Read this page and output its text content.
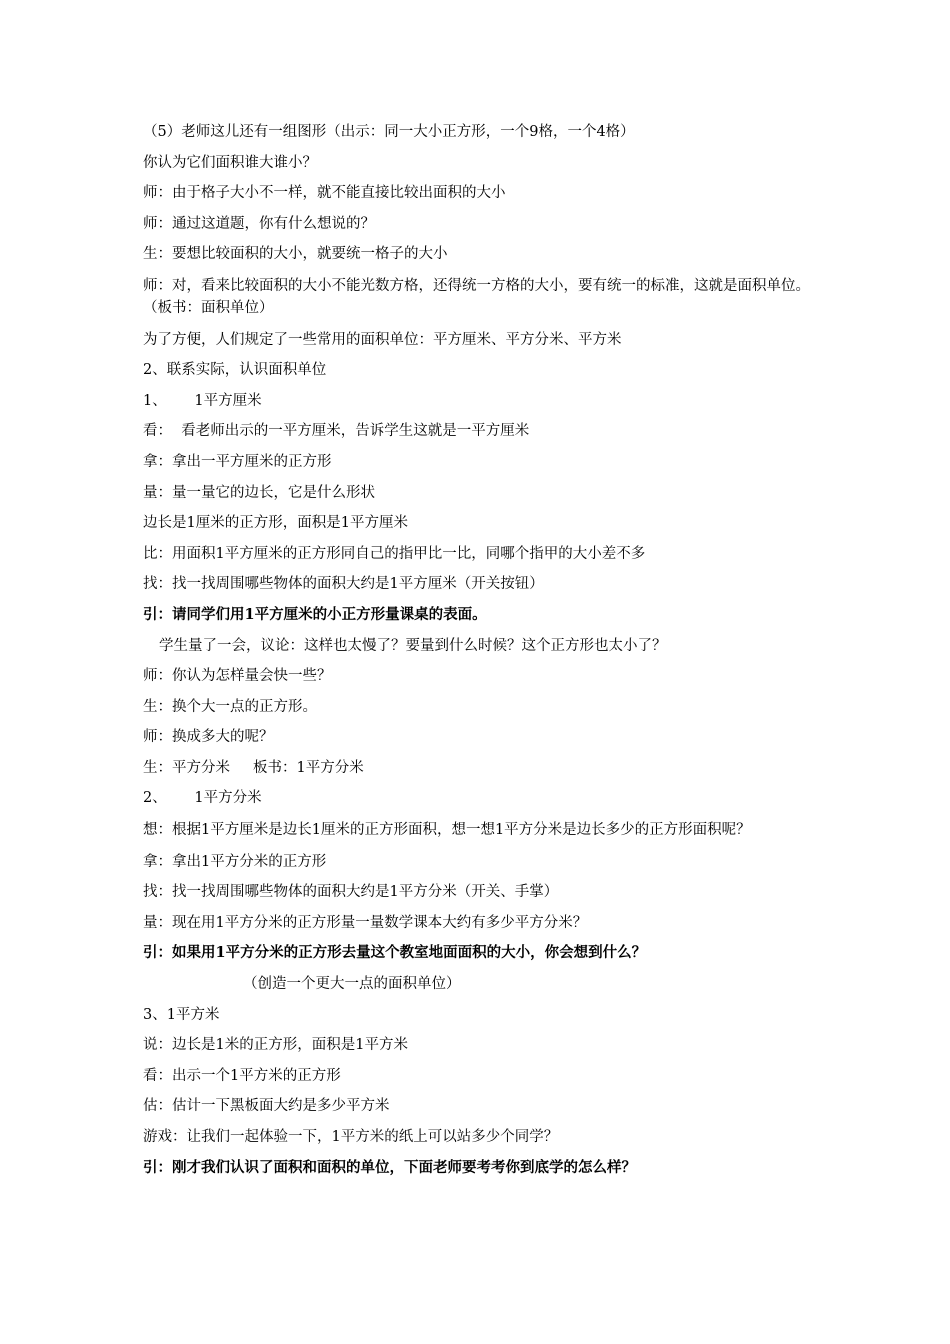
（5）老师这儿还有一组图形（出示：同一大小正方形，一个9格，一个4格）
你认为它们面积谁大谁小？
师：由于格子大小不一样，就不能直接比较出面积的大小
师：通过这道题，你有什么想说的？
生：要想比较面积的大小，就要统一格子的大小
师：对，看来比较面积的大小不能光数方格，还得统一方格的大小，要有统一的标准，这就是面积单位。（板书：面积单位）
为了方便，人们规定了一些常用的面积单位：平方厘米、平方分米、平方米
2、联系实际，认识面积单位
1、      1平方厘米
看：  看老师出示的一平方厘米，告诉学生这就是一平方厘米
拿：拿出一平方厘米的正方形
量：量一量它的边长，它是什么形状
边长是1厘米的正方形，面积是1平方厘米
比：用面积1平方厘米的正方形同自己的指甲比一比，同哪个指甲的大小差不多
找：找一找周围哪些物体的面积大约是1平方厘米（开关按钮）
引：请同学们用1平方厘米的小正方形量课桌的表面。
学生量了一会，议论：这样也太慢了？要量到什么时候？这个正方形也太小了？
师：你认为怎样量会快一些？
生：换个大一点的正方形。
师：换成多大的呢？
生：平方分米     板书：1平方分米
2、      1平方分米
想：根据1平方厘米是边长1厘米的正方形面积，想一想1平方分米是边长多少的正方形面积呢？
拿：拿出1平方分米的正方形
找：找一找周围哪些物体的面积大约是1平方分米（开关、手掌）
量：现在用1平方分米的正方形量一量数学课本大约有多少平方分米？
引：如果用1平方分米的正方形去量这个教室地面面积的大小，你会想到什么？
（创造一个更大一点的面积单位）
3、1平方米
说：边长是1米的正方形，面积是1平方米
看：出示一个1平方米的正方形
估：估计一下黑板面大约是多少平方米
游戏：让我们一起体验一下，1平方米的纸上可以站多少个同学？
引：刚才我们认识了面积和面积的单位，下面老师要考考你到底学的怎么样？
